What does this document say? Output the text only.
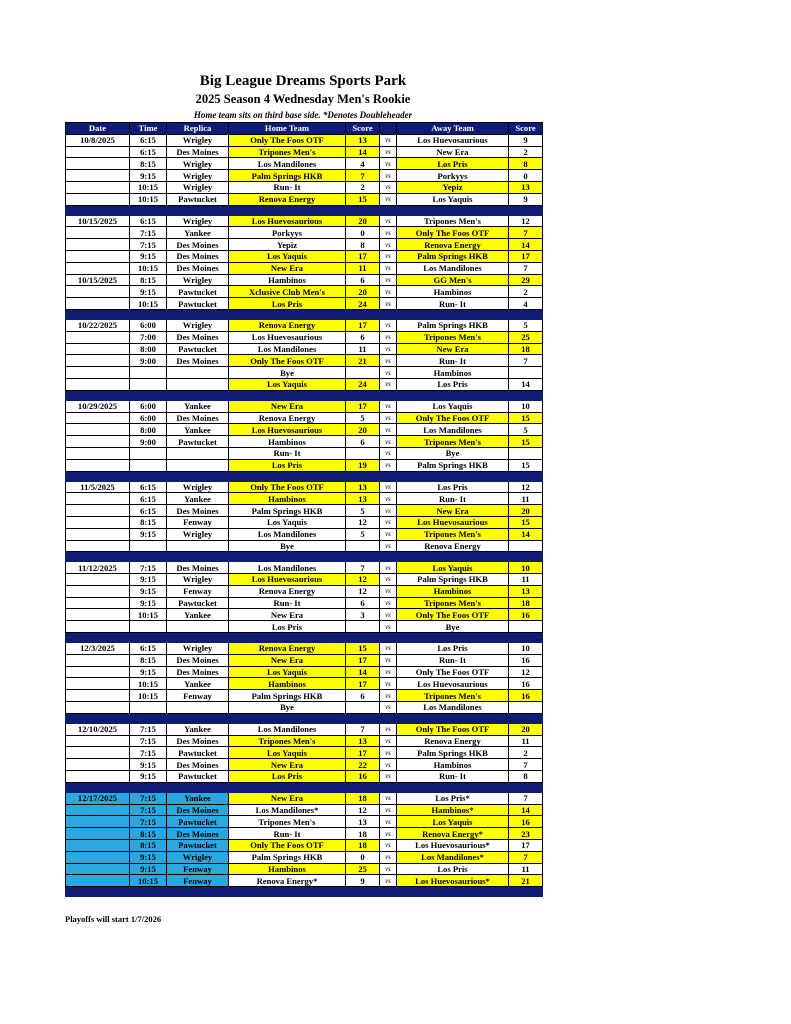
Big League Dreams Sports Park
2025 Season 4 Wednesday Men's Rookie
Home team sits on third base side. *Denotes Doubleheader
Date	Time	Replica	Home Team	Score		Away Team	Score
10/8/2025	6:15	Wrigley	Only The Foos OTF	13	vs	Los Huevosaurious	9
	6:15	Des Moines	Tripones Men's	14	vs	New Era	2
	8:15	Wrigley	Los Mandilones	4	vs	Los Pris	8
	9:15	Wrigley	Palm Springs HKB	7	vs	Porkyys	0
	10:15	Wrigley	Run- It	2	vs	Yepiz	13
	10:15	Pawtucket	Renova Energy	15	vs	Los Yaquis	9

10/15/2025	6:15	Wrigley	Los Huevosaurious	20	vs	Tripones Men's	12
	7:15	Yankee	Porkyys	0	vs	Only The Foos OTF	7
	7:15	Des Moines	Yepiz	8	vs	Renova Energy	14
	9:15	Des Moines	Los Yaquis	17	vs	Palm Springs HKB	17
	10:15	Des Moines	New Era	11	vs	Los Mandilones	7
10/15/2025	8:15	Wrigley	Hambinos	6	vs	GG Men's	29
	9:15	Pawtucket	Xclusive Club Men's	20	vs	Hambinos	2
	10:15	Pawtucket	Los Pris	24	vs	Run- It	4

10/22/2025	6:00	Wrigley	Renova Energy	17	vs	Palm Springs HKB	5
	7:00	Des Moines	Los Huevosaurious	6	vs	Tripones Men's	25
	8:00	Pawtucket	Los Mandilones	11	vs	New Era	18
	9:00	Des Moines	Only The Foos OTF	21	vs	Run- It	7
			Bye		vs	Hambinos	
			Los Yaquis	24	vs	Los Pris	14

10/29/2025	6:00	Yankee	New Era	17	vs	Los Yaquis	10
	6:00	Des Moines	Renova Energy	5	vs	Only The Foos OTF	15
	8:00	Yankee	Los Huevosaurious	20	vs	Los Mandilones	5
	9:00	Pawtucket	Hambinos	6	vs	Tripones Men's	15
			Run- It		vs	Bye	
			Los Pris	19	vs	Palm Springs HKB	15

11/5/2025	6:15	Wrigley	Only The Foos OTF	13	vs	Los Pris	12
	6:15	Yankee	Hambinos	13	vs	Run- It	11
	6:15	Des Moines	Palm Springs HKB	5	vs	New Era	20
	8:15	Fenway	Los Yaquis	12	vs	Los Huevosaurious	15
	9:15	Wrigley	Los Mandilones	5	vs	Tripones Men's	14
			Bye		vs	Renova Energy	

11/12/2025	7:15	Des Moines	Los Mandilones	7	vs	Los Yaquis	10
	9:15	Wrigley	Los Huevosaurious	12	vs	Palm Springs HKB	11
	9:15	Fenway	Renova Energy	12	vs	Hambinos	13
	9:15	Pawtucket	Run- It	6	vs	Tripones Men's	18
	10:15	Yankee	New Era	3	vs	Only The Foos OTF	16
			Los Pris		vs	Bye	

12/3/2025	6:15	Wrigley	Renova Energy	15	vs	Los Pris	10
	8:15	Des Moines	New Era	17	vs	Run- It	16
	9:15	Des Moines	Los Yaquis	14	vs	Only The Foos OTF	12
	10:15	Yankee	Hambinos	17	vs	Los Huevosaurious	16
	10:15	Fenway	Palm Springs HKB	6	vs	Tripones Men's	16
			Bye		vs	Los Mandilones	

12/10/2025	7:15	Yankee	Los Mandilones	7	vs	Only The Foos OTF	20
	7:15	Des Moines	Tripones Men's	13	vs	Renova Energy	11
	7:15	Pawtucket	Los Yaquis	17	vs	Palm Springs HKB	2
	9:15	Des Moines	New Era	22	vs	Hambinos	7
	9:15	Pawtucket	Los Pris	16	vs	Run- It	8

12/17/2025	7:15	Yankee	New Era	18	vs	Los Pris*	7
	7:15	Des Moines	Los Mandilones*	12	vs	Hambinos*	14
	7:15	Pawtucket	Tripones Men's	13	vs	Los Yaquis	16
	8:15	Des Moines	Run- It	18	vs	Renova Energy*	23
	8:15	Pawtucket	Only The Foos OTF	18	vs	Los Huevosaurious*	17
	9:15	Wrigley	Palm Springs HKB	0	vs	Los Mandilones*	7
	9:15	Fenway	Hambinos	25	vs	Los Pris	11
	10:15	Fenway	Renova Energy*	9	vs	Los Huevosaurious*	21

Playoffs will start 1/7/2026
